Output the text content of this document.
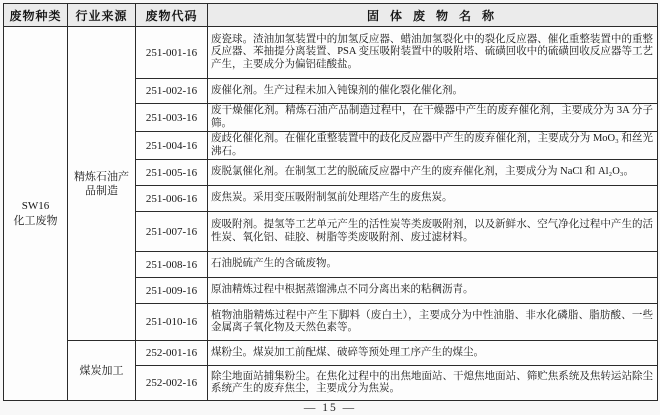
废物种类	行业来源	废物代码	固 体 废 物 名 称

SW16
化工废物	精炼石油产品制造	251-001-16	废瓷球。渣油加氢装置中的加氢反应器、蜡油加氢裂化中的裂化反应器、催化重整装置中的重整反应器、苯抽提分离装置、PSA 变压吸附装置中的吸附塔、硫磺回收中的硫磺回收反应器等工艺产生，主要成分为偏铝硅酸盐。
		251-002-16	废催化剂。生产过程未加入钝镍剂的催化裂化催化剂。
		251-003-16	废干燥催化剂。精炼石油产品制造过程中，在干燥器中产生的废弃催化剂，主要成分为 3A 分子筛。
		251-004-16	废歧化催化剂。在催化重整装置中的歧化反应器中产生的废弃催化剂，主要成分为 MoO₃ 和丝光沸石。
		251-005-16	废脱氯催化剂。在制氢工艺的脱硫反应器中产生的废弃催化剂，主要成分为 NaCl 和 Al₂O₃。
		251-006-16	废焦炭。采用变压吸附制氢前处理塔产生的废焦炭。
		251-007-16	废吸附剂。提氢等工艺单元产生的活性炭等类废吸附剂，以及新鲜水、空气净化过程中产生的活性炭、氧化铝、硅胶、树脂等类废吸附剂、废过滤材料。
		251-008-16	石油脱硫产生的含硫废物。
		251-009-16	原油精炼过程中根据蒸馏沸点不同分离出来的粘稠沥青。
		251-010-16	植物油脂精炼过程中产生下脚料（废白土），主要成分为中性油脂、非水化磷脂、脂肪酸、一些金属离子氧化物及天然色素等。
	煤炭加工	252-001-16	煤粉尘。煤炭加工前配煤、破碎等预处理工序产生的煤尘。
		252-002-16	除尘地面站捕集粉尘。在焦化过程中的出焦地面站、干熄焦地面站、筛贮焦系统及焦转运站除尘系统产生的废弃焦尘，主要成分为焦炭。
— 15 —
